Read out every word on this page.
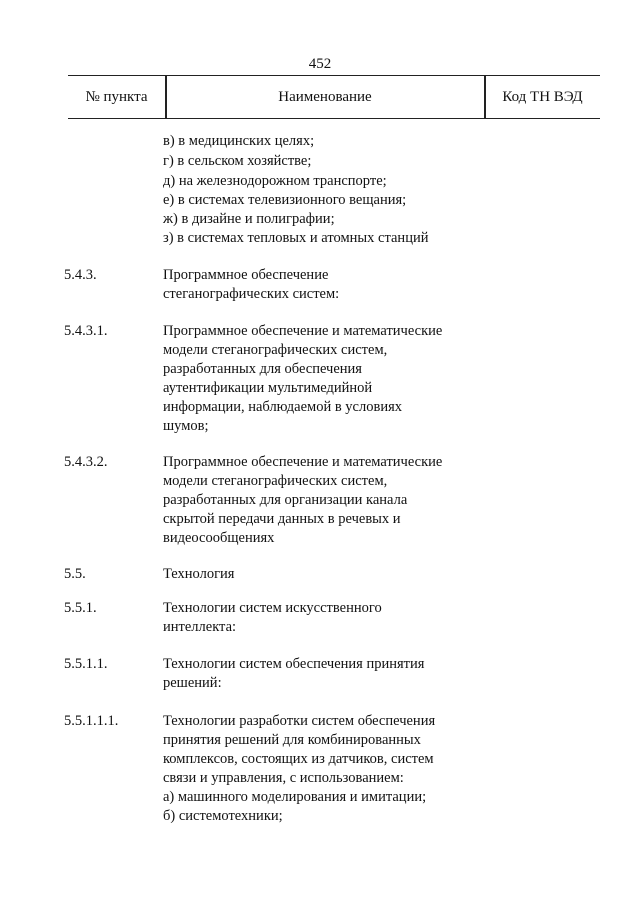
452
№ пункта	Наименование	Код ТН ВЭД
в) в медицинских целях;
г) в сельском хозяйстве;
д) на железнодорожном транспорте;
е) в системах телевизионного вещания;
ж) в дизайне и полиграфии;
з) в системах тепловых и атомных станций
5.4.3.	Программное обеспечение
стеганографических систем:
5.4.3.1.	Программное обеспечение и математические
модели стеганографических систем,
разработанных для обеспечения
аутентификации мультимедийной
информации, наблюдаемой в условиях
шумов;
5.4.3.2.	Программное обеспечение и математические
модели стеганографических систем,
разработанных для организации канала
скрытой передачи данных в речевых и
видеосообщениях
5.5.	Технология
5.5.1.	Технологии систем искусственного
интеллекта:
5.5.1.1.	Технологии систем обеспечения принятия
решений:
5.5.1.1.1.	Технологии разработки систем обеспечения
принятия решений для комбинированных
комплексов, состоящих из датчиков, систем
связи и управления, с использованием:
а) машинного моделирования и имитации;
б) системотехники;
